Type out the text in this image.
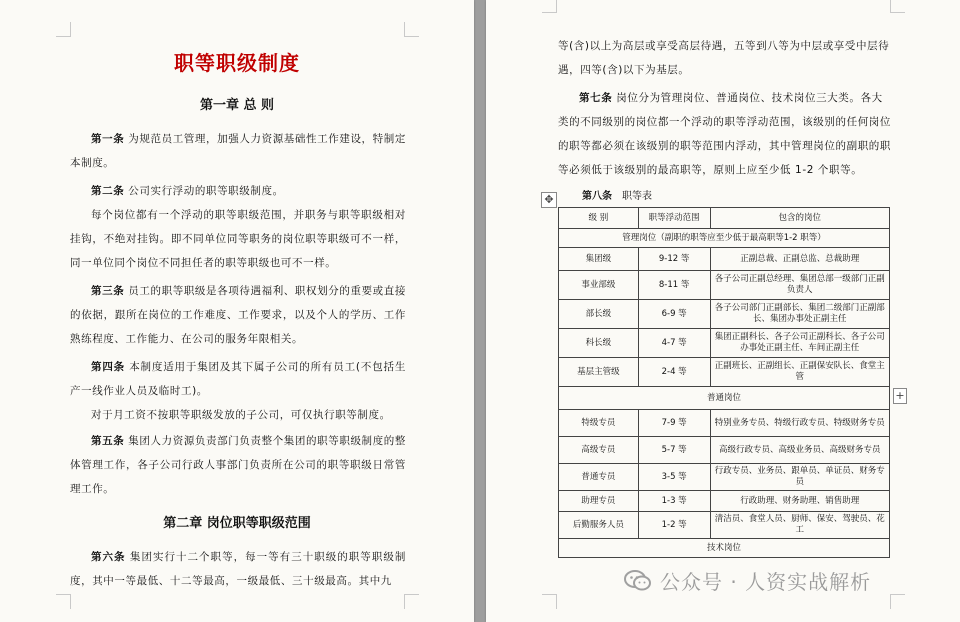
职等职级制度
第一章 总 则
第一条 为规范员工管理，加强人力资源基础性工作建设，特制定本制度。
第二条 公司实行浮动的职等职级制度。
每个岗位都有一个浮动的职等职级范围，并职务与职等职级相对挂钩，不绝对挂钩。即不同单位同等职务的岗位职等职级可不一样，同一单位同个岗位不同担任者的职等职级也可不一样。
第三条 员工的职等职级是各项待遇福利、职权划分的重要或直接的依据，跟所在岗位的工作难度、工作要求，以及个人的学历、工作熟练程度、工作能力、在公司的服务年限相关。
第四条 本制度适用于集团及其下属子公司的所有员工(不包括生产一线作业人员及临时工)。
对于月工资不按职等职级发放的子公司，可仅执行职等制度。
第五条 集团人力资源负责部门负责整个集团的职等职级制度的整体管理工作，各子公司行政人事部门负责所在公司的职等职级日常管理工作。
第二章 岗位职等职级范围
第六条 集团实行十二个职等，每一等有三十职级的职等职级制度，其中一等最低、十二等最高，一级最低、三十级最高。其中九
等(含)以上为高层或享受高层待遇，五等到八等为中层或享受中层待遇，四等(含)以下为基层。
第七条 岗位分为管理岗位、普通岗位、技术岗位三大类。各大类的不同级别的岗位都一个浮动的职等浮动范围，该级别的任何岗位的职等都必须在该级别的职等范围内浮动，其中管理岗位的副职的职等必须低于该级别的最高职等，原则上应至少低 1-2 个职等。
✥	第八条 职等表
级 别	职等浮动范围	包含的岗位
管理岗位（副职的职等应至少低于最高职等1-2 职等）		
集团级	9-12 等	正副总裁、正副总监、总裁助理
事业部级	8-11 等	各子公司正副总经理、集团总部一级部门正副负责人
部长级	6-9 等	各子公司部门正副部长、集团二级部门正副部长、集团办事处正副主任
科长级	4-7 等	集团正副科长、各子公司正副科长、各子公司办事处正副主任、车间正副主任
基层主管级	2-4 等	正副班长、正副组长、正副保安队长、食堂主管
普通岗位		
特级专员	7-9 等	特别业务专员、特级行政专员、特级财务专员
高级专员	5-7 等	高级行政专员、高级业务员、高级财务专员
普通专员	3-5 等	行政专员、业务员、跟单员、单证员、财务专员
助理专员	1-3 等	行政助理、财务助理、销售助理
后勤服务人员	1-2 等	清洁员、食堂人员、厨师、保安、驾驶员、花工
技术岗位		
+
公众号 · 人资实战解析
